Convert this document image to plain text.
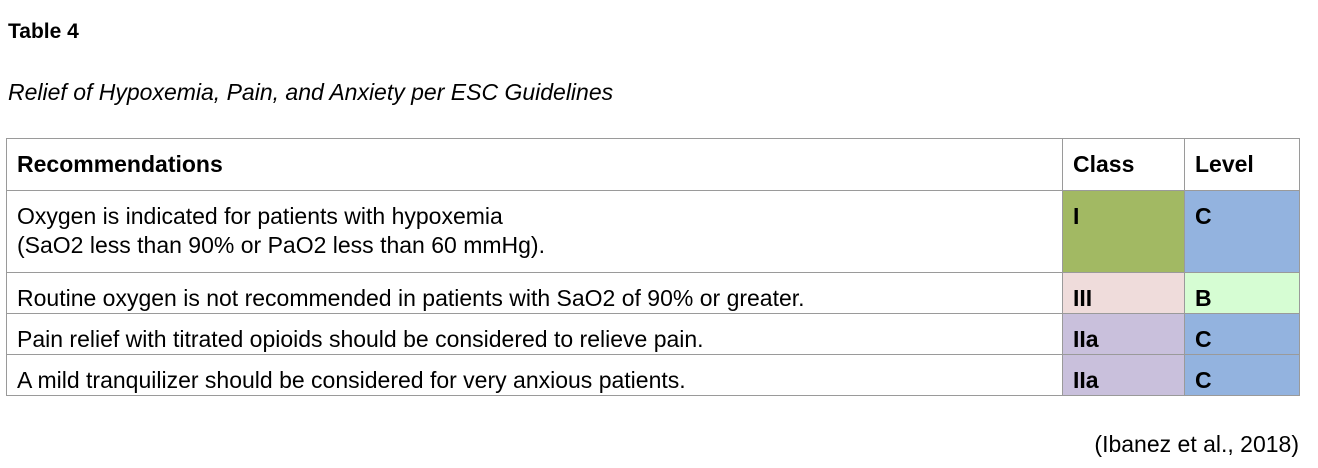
Table 4

Relief of Hypoxemia, Pain, and Anxiety per ESC Guidelines

Recommendations	Class	Level

Oxygen is indicated for patients with hypoxemia
(SaO2 less than 90% or PaO2 less than 60 mmHg).	I	C

Routine oxygen is not recommended in patients with SaO2 of 90% or greater.	III	B

Pain relief with titrated opioids should be considered to relieve pain.	IIa	C

A mild tranquilizer should be considered for very anxious patients.	IIa	C

(Ibanez et al., 2018)
